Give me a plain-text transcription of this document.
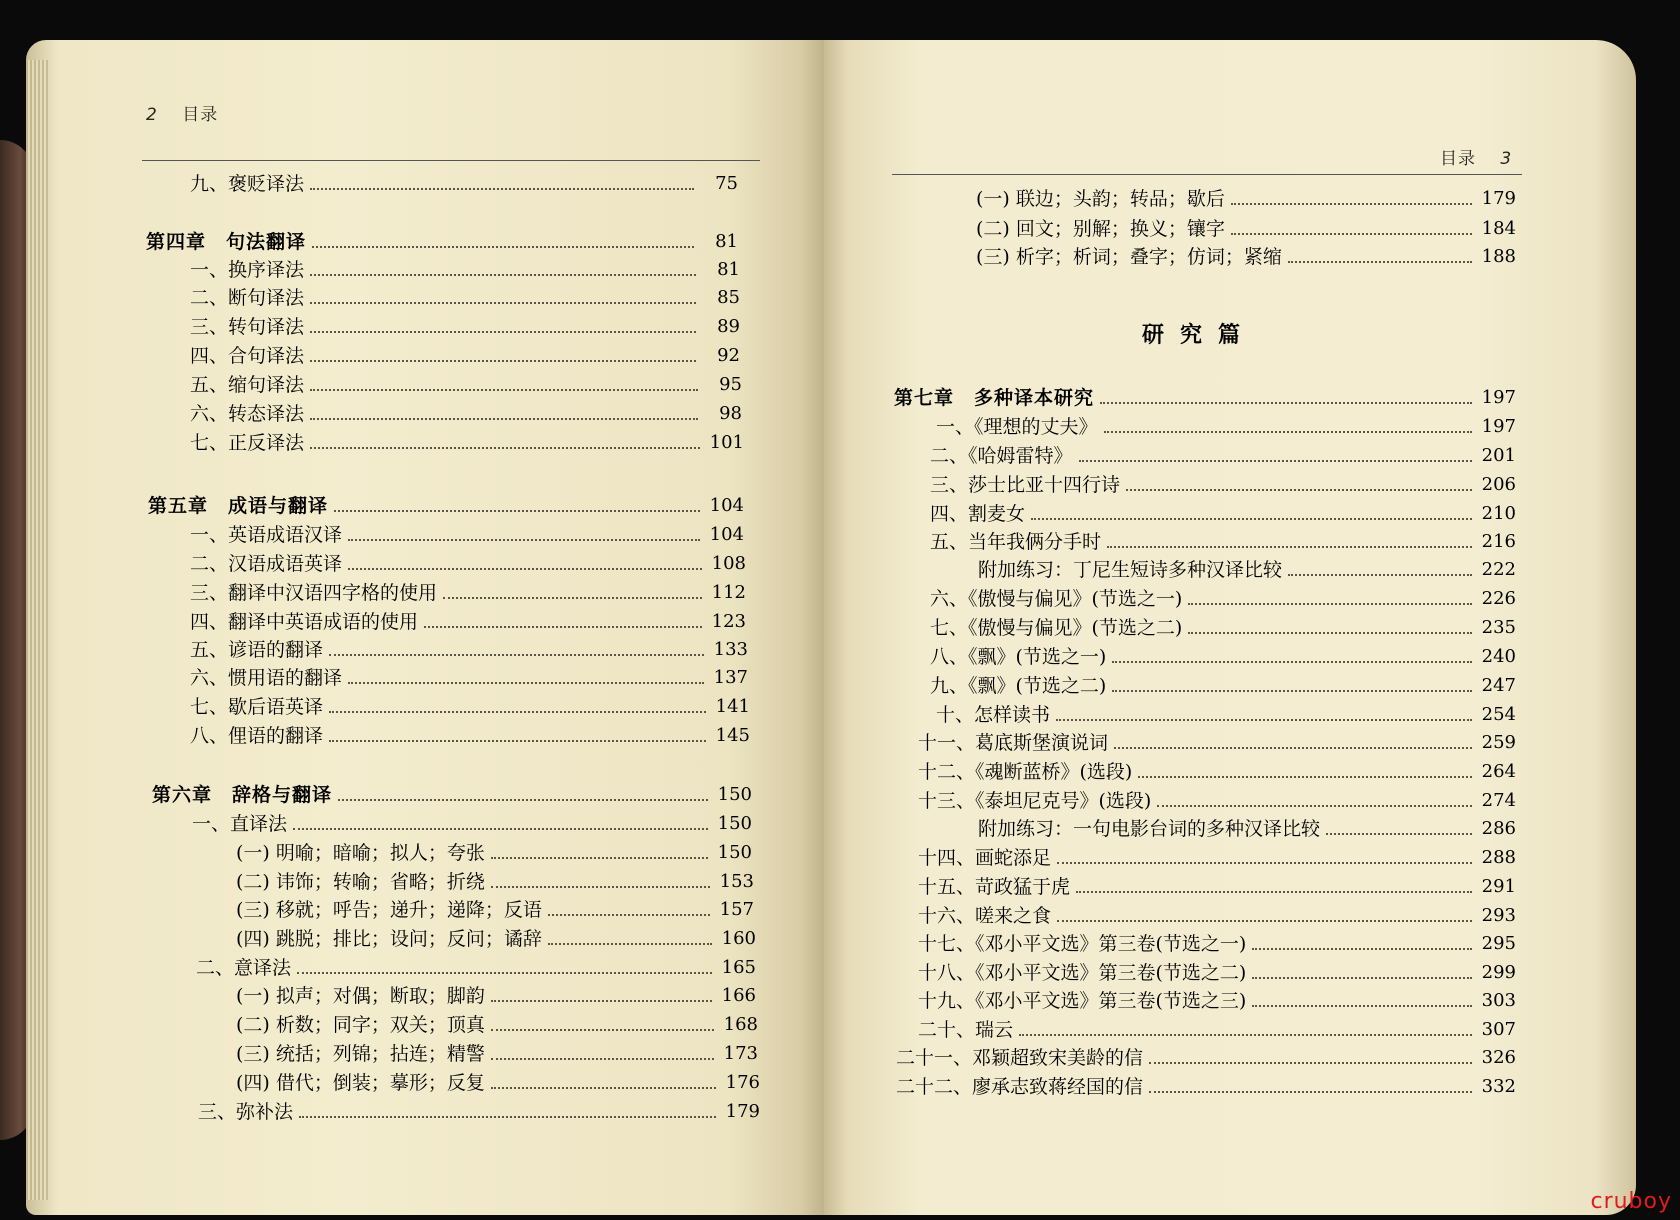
2 目录
目录 3
研究篇
九、褒贬译法	75
第四章　句法翻译	81
一、换序译法	81
二、断句译法	85
三、转句译法	89
四、合句译法	92
五、缩句译法	95
六、转态译法	98
七、正反译法	101
第五章　成语与翻译	104
一、英语成语汉译	104
二、汉语成语英译	108
三、翻译中汉语四字格的使用	112
四、翻译中英语成语的使用	123
五、谚语的翻译	133
六、惯用语的翻译	137
七、歇后语英译	141
八、俚语的翻译	145
第六章　辞格与翻译	150
一、直译法	150
(一) 明喻；暗喻；拟人；夸张	150
(二) 讳饰；转喻；省略；折绕	153
(三) 移就；呼告；递升；递降；反语	157
(四) 跳脱；排比；设问；反问；谲辞	160
二、意译法	165
(一) 拟声；对偶；断取；脚韵	166
(二) 析数；同字；双关；顶真	168
(三) 统括；列锦；拈连；精警	173
(四) 借代；倒装；摹形；反复	176
三、弥补法	179
(一) 联边；头韵；转品；歇后	179
(二) 回文；别解；换义；镶字	184
(三) 析字；析词；叠字；仿词；紧缩	188
第七章　多种译本研究	197
一、《理想的丈夫》	197
二、《哈姆雷特》	201
三、莎士比亚十四行诗	206
四、割麦女	210
五、当年我俩分手时	216
附加练习：丁尼生短诗多种汉译比较	222
六、《傲慢与偏见》(节选之一)	226
七、《傲慢与偏见》(节选之二)	235
八、《飘》(节选之一)	240
九、《飘》(节选之二)	247
十、怎样读书	254
十一、葛底斯堡演说词	259
十二、《魂断蓝桥》(选段)	264
十三、《泰坦尼克号》(选段)	274
附加练习：一句电影台词的多种汉译比较	286
十四、画蛇添足	288
十五、苛政猛于虎	291
十六、嗟来之食	293
十七、《邓小平文选》第三卷(节选之一)	295
十八、《邓小平文选》第三卷(节选之二)	299
十九、《邓小平文选》第三卷(节选之三)	303
二十、瑞云	307
二十一、邓颖超致宋美龄的信	326
二十二、廖承志致蒋经国的信	332
cruboy
